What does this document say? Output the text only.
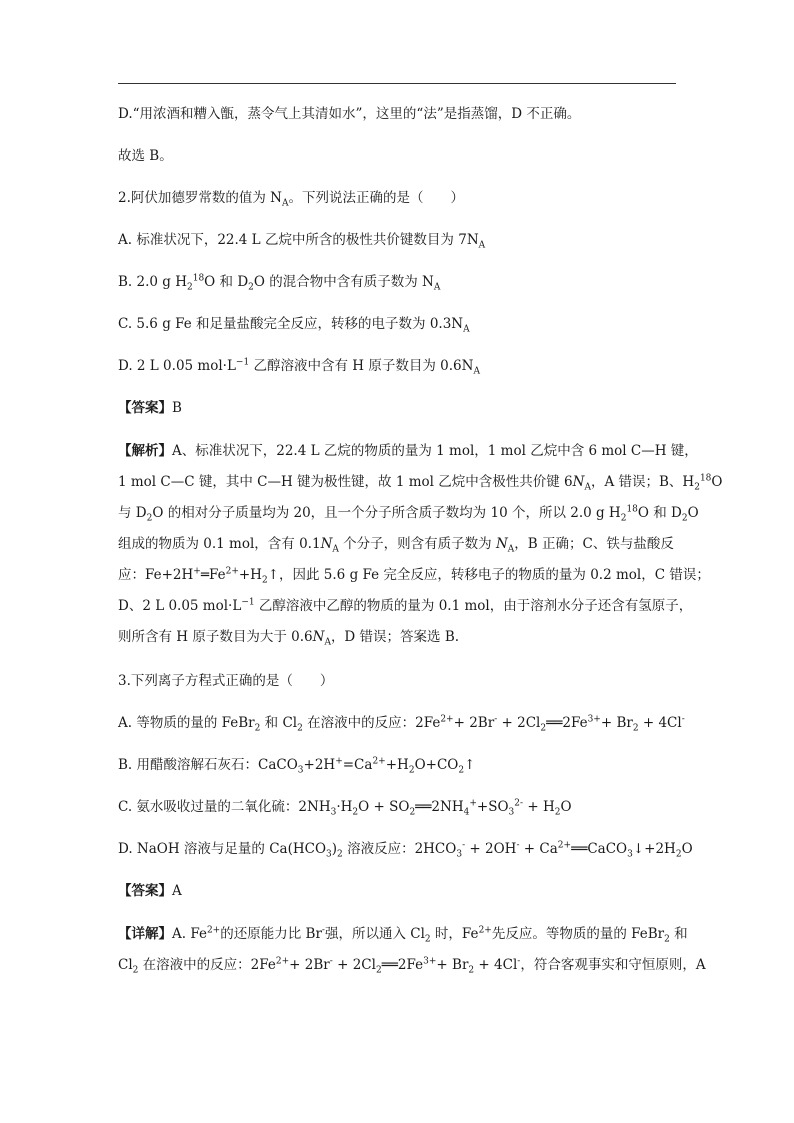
D.“用浓酒和糟入甑，蒸令气上其清如水”，这里的“法”是指蒸馏，D 不正确。

故选 B。

2.阿伏加德罗常数的值为 $N_A$。下列说法正确的是（　　）

A. 标准状况下，22.4 L 乙烷中所含的极性共价键数目为 $7N_A$

B. 2.0 g $H_2^{18}O$ 和 $D_2O$ 的混合物中含有质子数为 $N_A$

C. 5.6 g Fe 和足量盐酸完全反应，转移的电子数为 $0.3N_A$

D. 2 L 0.05 $mol\cdot L^{-1}$ 乙醇溶液中含有 H 原子数目为 $0.6N_A$

【答案】B

【解析】A、标准状况下，22.4 L 乙烷的物质的量为 1 mol，1 mol 乙烷中含 6 mol C—H 键，

1 mol C—C 键，其中 C—H 键为极性键，故 1 mol 乙烷中含极性共价键 $6N_A$，A 错误；B、$H_2^{18}O$

与 $D_2O$ 的相对分子质量均为 20，且一个分子所含质子数均为 10 个，所以 2.0 g $H_2^{18}O$ 和 $D_2O$

组成的物质为 0.1 mol，含有 $0.1N_A$ 个分子，则含有质子数为 $N_A$，B 正确；C、铁与盐酸反

应：$Fe+2H^+═Fe^{2+}+H_2↑$，因此 5.6 g Fe 完全反应，转移电子的物质的量为 0.2 mol，C 错误；

D、2 L 0.05 $mol\cdot L^{-1}$ 乙醇溶液中乙醇的物质的量为 0.1 mol，由于溶剂水分子还含有氢原子，

则所含有 H 原子数目为大于 $0.6N_A$，D 错误；答案选 B.

3.下列离子方程式正确的是（　　）

A. 等物质的量的 FeBr$_2$ 和 $Cl_2$ 在溶液中的反应：$2Fe^{2+}+ 2Br^-$ + $2Cl_2══2Fe^{3+}+ Br_2 + 4Cl^-$

B. 用醋酸溶解石灰石：$CaCO_3+2H^+=Ca^{2+}+H_2O+CO_2↑$

C. 氨水吸收过量的二氧化硫：$2NH_3\cdot H_2O$ + $SO_2══2NH_4^++SO_3^{2-} + H_2O$

D. NaOH 溶液与足量的 $Ca(HCO_3)_2$ 溶液反应：$2HCO_3^- + 2OH^-$ + $Ca^{2+}══CaCO_3↓+2H_2O$

【答案】A

【详解】A. $Fe^{2+}$的还原能力比 Br-强，所以通入 $Cl_2$ 时，$Fe^{2+}$先反应。等物质的量的 FeBr$_2$ 和

$Cl_2$ 在溶液中的反应：$2Fe^{2+}+ 2Br^-$ + $2Cl_2══2Fe^{3+}+ Br_2 + 4Cl^-$，符合客观事实和守恒原则，A
